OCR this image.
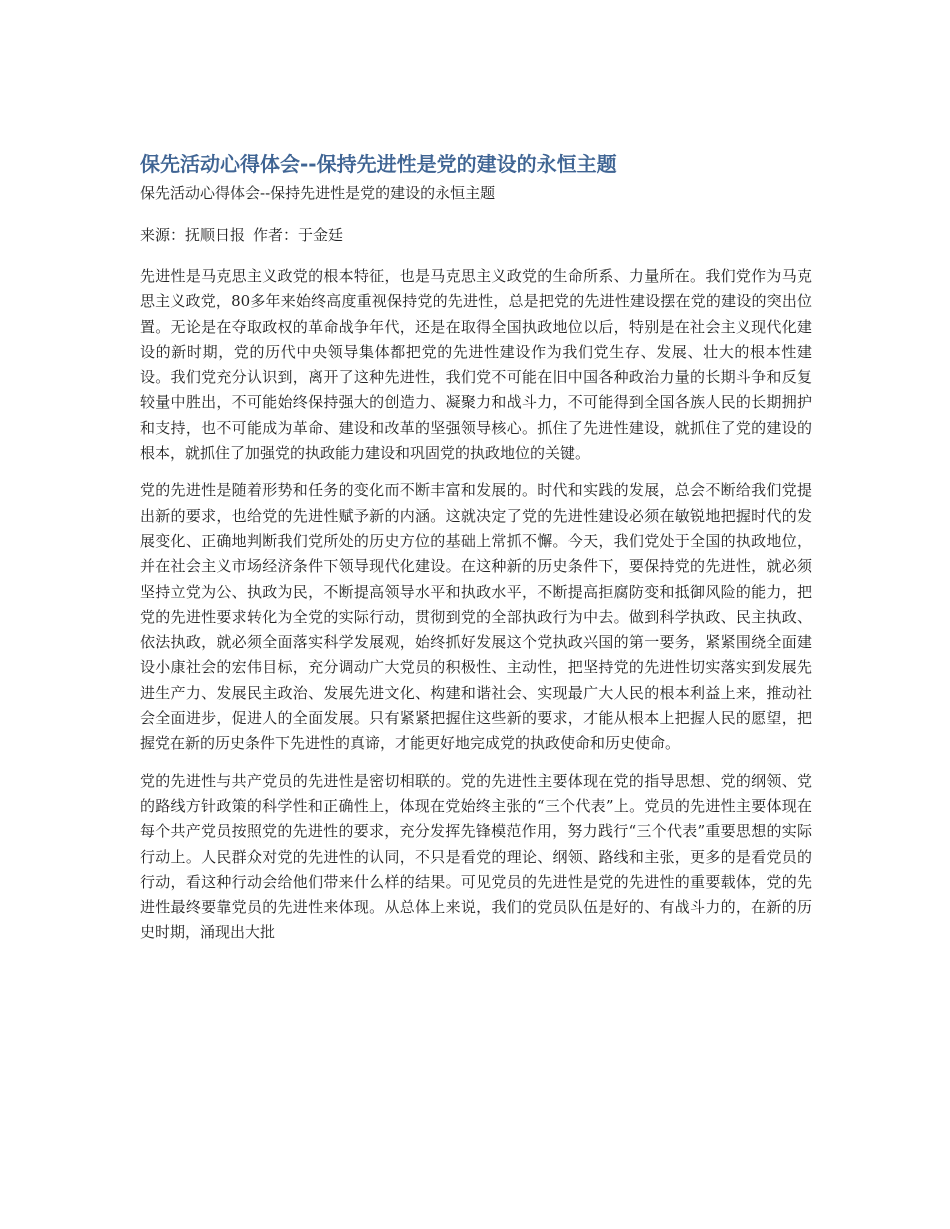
保先活动心得体会--保持先进性是党的建设的永恒主题

保先活动心得体会--保持先进性是党的建设的永恒主题

来源：抚顺日报 作者：于金廷

先进性是马克思主义政党的根本特征，也是马克思主义政党的生命所系、力量所在。我们党作为马克思主义政党，80多年来始终高度重视保持党的先进性，总是把党的先进性建设摆在党的建设的突出位置。无论是在夺取政权的革命战争年代，还是在取得全国执政地位以后，特别是在社会主义现代化建设的新时期，党的历代中央领导集体都把党的先进性建设作为我们党生存、发展、壮大的根本性建设。我们党充分认识到，离开了这种先进性，我们党不可能在旧中国各种政治力量的长期斗争和反复较量中胜出，不可能始终保持强大的创造力、凝聚力和战斗力，不可能得到全国各族人民的长期拥护和支持，也不可能成为革命、建设和改革的坚强领导核心。抓住了先进性建设，就抓住了党的建设的根本，就抓住了加强党的执政能力建设和巩固党的执政地位的关键。

党的先进性是随着形势和任务的变化而不断丰富和发展的。时代和实践的发展，总会不断给我们党提出新的要求，也给党的先进性赋予新的内涵。这就决定了党的先进性建设必须在敏锐地把握时代的发展变化、正确地判断我们党所处的历史方位的基础上常抓不懈。今天，我们党处于全国的执政地位，并在社会主义市场经济条件下领导现代化建设。在这种新的历史条件下，要保持党的先进性，就必须坚持立党为公、执政为民，不断提高领导水平和执政水平，不断提高拒腐防变和抵御风险的能力，把党的先进性要求转化为全党的实际行动，贯彻到党的全部执政行为中去。做到科学执政、民主执政、依法执政，就必须全面落实科学发展观，始终抓好发展这个党执政兴国的第一要务，紧紧围绕全面建设小康社会的宏伟目标，充分调动广大党员的积极性、主动性，把坚持党的先进性切实落实到发展先进生产力、发展民主政治、发展先进文化、构建和谐社会、实现最广大人民的根本利益上来，推动社会全面进步，促进人的全面发展。只有紧紧把握住这些新的要求，才能从根本上把握人民的愿望，把握党在新的历史条件下先进性的真谛，才能更好地完成党的执政使命和历史使命。

党的先进性与共产党员的先进性是密切相联的。党的先进性主要体现在党的指导思想、党的纲领、党的路线方针政策的科学性和正确性上，体现在党始终主张的“三个代表”上。党员的先进性主要体现在每个共产党员按照党的先进性的要求，充分发挥先锋模范作用，努力践行“三个代表”重要思想的实际行动上。人民群众对党的先进性的认同，不只是看党的理论、纲领、路线和主张，更多的是看党员的行动，看这种行动会给他们带来什么样的结果。可见党员的先进性是党的先进性的重要载体，党的先进性最终要靠党员的先进性来体现。从总体上来说，我们的党员队伍是好的、有战斗力的，在新的历史时期，涌现出大批
